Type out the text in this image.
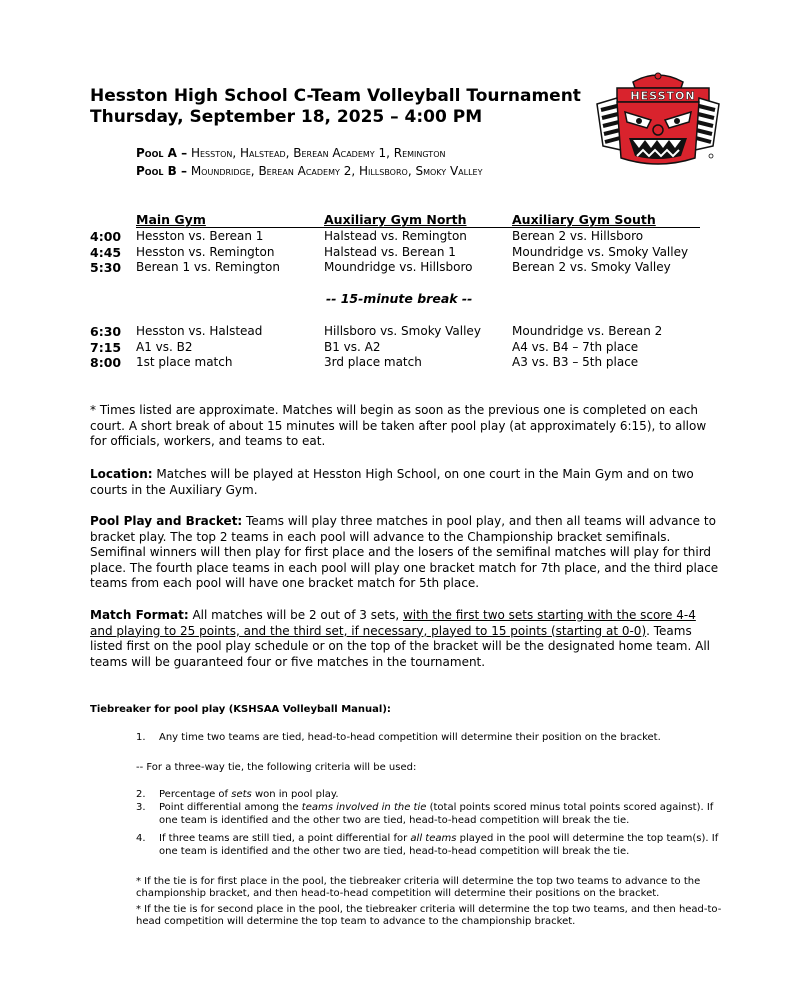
Hesston High School C-Team Volleyball Tournament
Thursday, September 18, 2025 – 4:00 PM
HESSTON
Pool A – Hesston, Halstead, Berean Academy 1, Remington
Pool B – Moundridge, Berean Academy 2, Hillsboro, Smoky Valley
Main Gym	Auxiliary Gym North	Auxiliary Gym South
4:00 Hesston vs. Berean 1	Halstead vs. Remington	Berean 2 vs. Hillsboro
4:45 Hesston vs. Remington	Halstead vs. Berean 1	Moundridge vs. Smoky Valley
5:30 Berean 1 vs. Remington	Moundridge vs. Hillsboro	Berean 2 vs. Smoky Valley
-- 15-minute break --
6:30 Hesston vs. Halstead	Hillsboro vs. Smoky Valley	Moundridge vs. Berean 2
7:15 A1 vs. B2	B1 vs. A2	A4 vs. B4 – 7th place
8:00 1st place match	3rd place match	A3 vs. B3 – 5th place
* Times listed are approximate. Matches will begin as soon as the previous one is completed on each court. A short break of about 15 minutes will be taken after pool play (at approximately 6:15), to allow for officials, workers, and teams to eat.
Location: Matches will be played at Hesston High School, on one court in the Main Gym and on two courts in the Auxiliary Gym.
Pool Play and Bracket: Teams will play three matches in pool play, and then all teams will advance to bracket play. The top 2 teams in each pool will advance to the Championship bracket semifinals. Semifinal winners will then play for first place and the losers of the semifinal matches will play for third place. The fourth place teams in each pool will play one bracket match for 7th place, and the third place teams from each pool will have one bracket match for 5th place.
Match Format: All matches will be 2 out of 3 sets, with the first two sets starting with the score 4-4 and playing to 25 points, and the third set, if necessary, played to 15 points (starting at 0-0). Teams listed first on the pool play schedule or on the top of the bracket will be the designated home team. All teams will be guaranteed four or five matches in the tournament.
Tiebreaker for pool play (KSHSAA Volleyball Manual):
1.	Any time two teams are tied, head-to-head competition will determine their position on the bracket.
-- For a three-way tie, the following criteria will be used:
2.	Percentage of sets won in pool play.
3.	Point differential among the teams involved in the tie (total points scored minus total points scored against). If one team is identified and the other two are tied, head-to-head competition will break the tie.
4.	If three teams are still tied, a point differential for all teams played in the pool will determine the top team(s). If one team is identified and the other two are tied, head-to-head competition will break the tie.
* If the tie is for first place in the pool, the tiebreaker criteria will determine the top two teams to advance to the championship bracket, and then head-to-head competition will determine their positions on the bracket.
* If the tie is for second place in the pool, the tiebreaker criteria will determine the top two teams, and then head-to-head competition will determine the top team to advance to the championship bracket.
